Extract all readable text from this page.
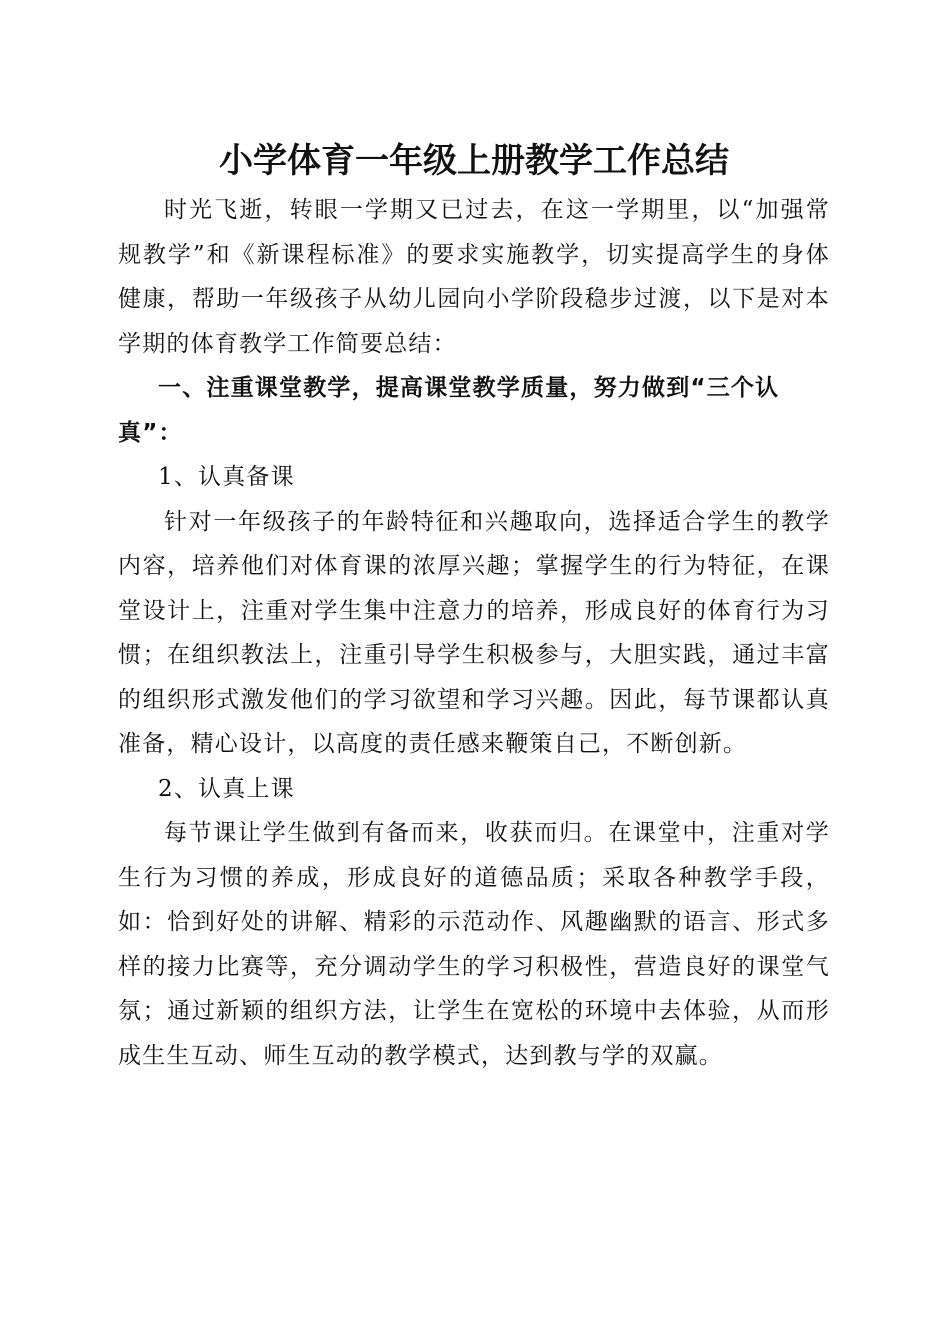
小学体育一年级上册教学工作总结

时光飞逝，转眼一学期又已过去，在这一学期里，以“加强常规教学”和《新课程标准》的要求实施教学，切实提高学生的身体健康，帮助一年级孩子从幼儿园向小学阶段稳步过渡，以下是对本学期的体育教学工作简要总结：

一、注重课堂教学，提高课堂教学质量，努力做到“三个认真”：

1、认真备课

针对一年级孩子的年龄特征和兴趣取向，选择适合学生的教学内容，培养他们对体育课的浓厚兴趣；掌握学生的行为特征，在课堂设计上，注重对学生集中注意力的培养，形成良好的体育行为习惯；在组织教法上，注重引导学生积极参与，大胆实践，通过丰富的组织形式激发他们的学习欲望和学习兴趣。因此，每节课都认真准备，精心设计，以高度的责任感来鞭策自己，不断创新。

2、认真上课

每节课让学生做到有备而来，收获而归。在课堂中，注重对学生行为习惯的养成，形成良好的道德品质；采取各种教学手段，如：恰到好处的讲解、精彩的示范动作、风趣幽默的语言、形式多样的接力比赛等，充分调动学生的学习积极性，营造良好的课堂气氛；通过新颖的组织方法，让学生在宽松的环境中去体验，从而形成生生互动、师生互动的教学模式，达到教与学的双赢。
